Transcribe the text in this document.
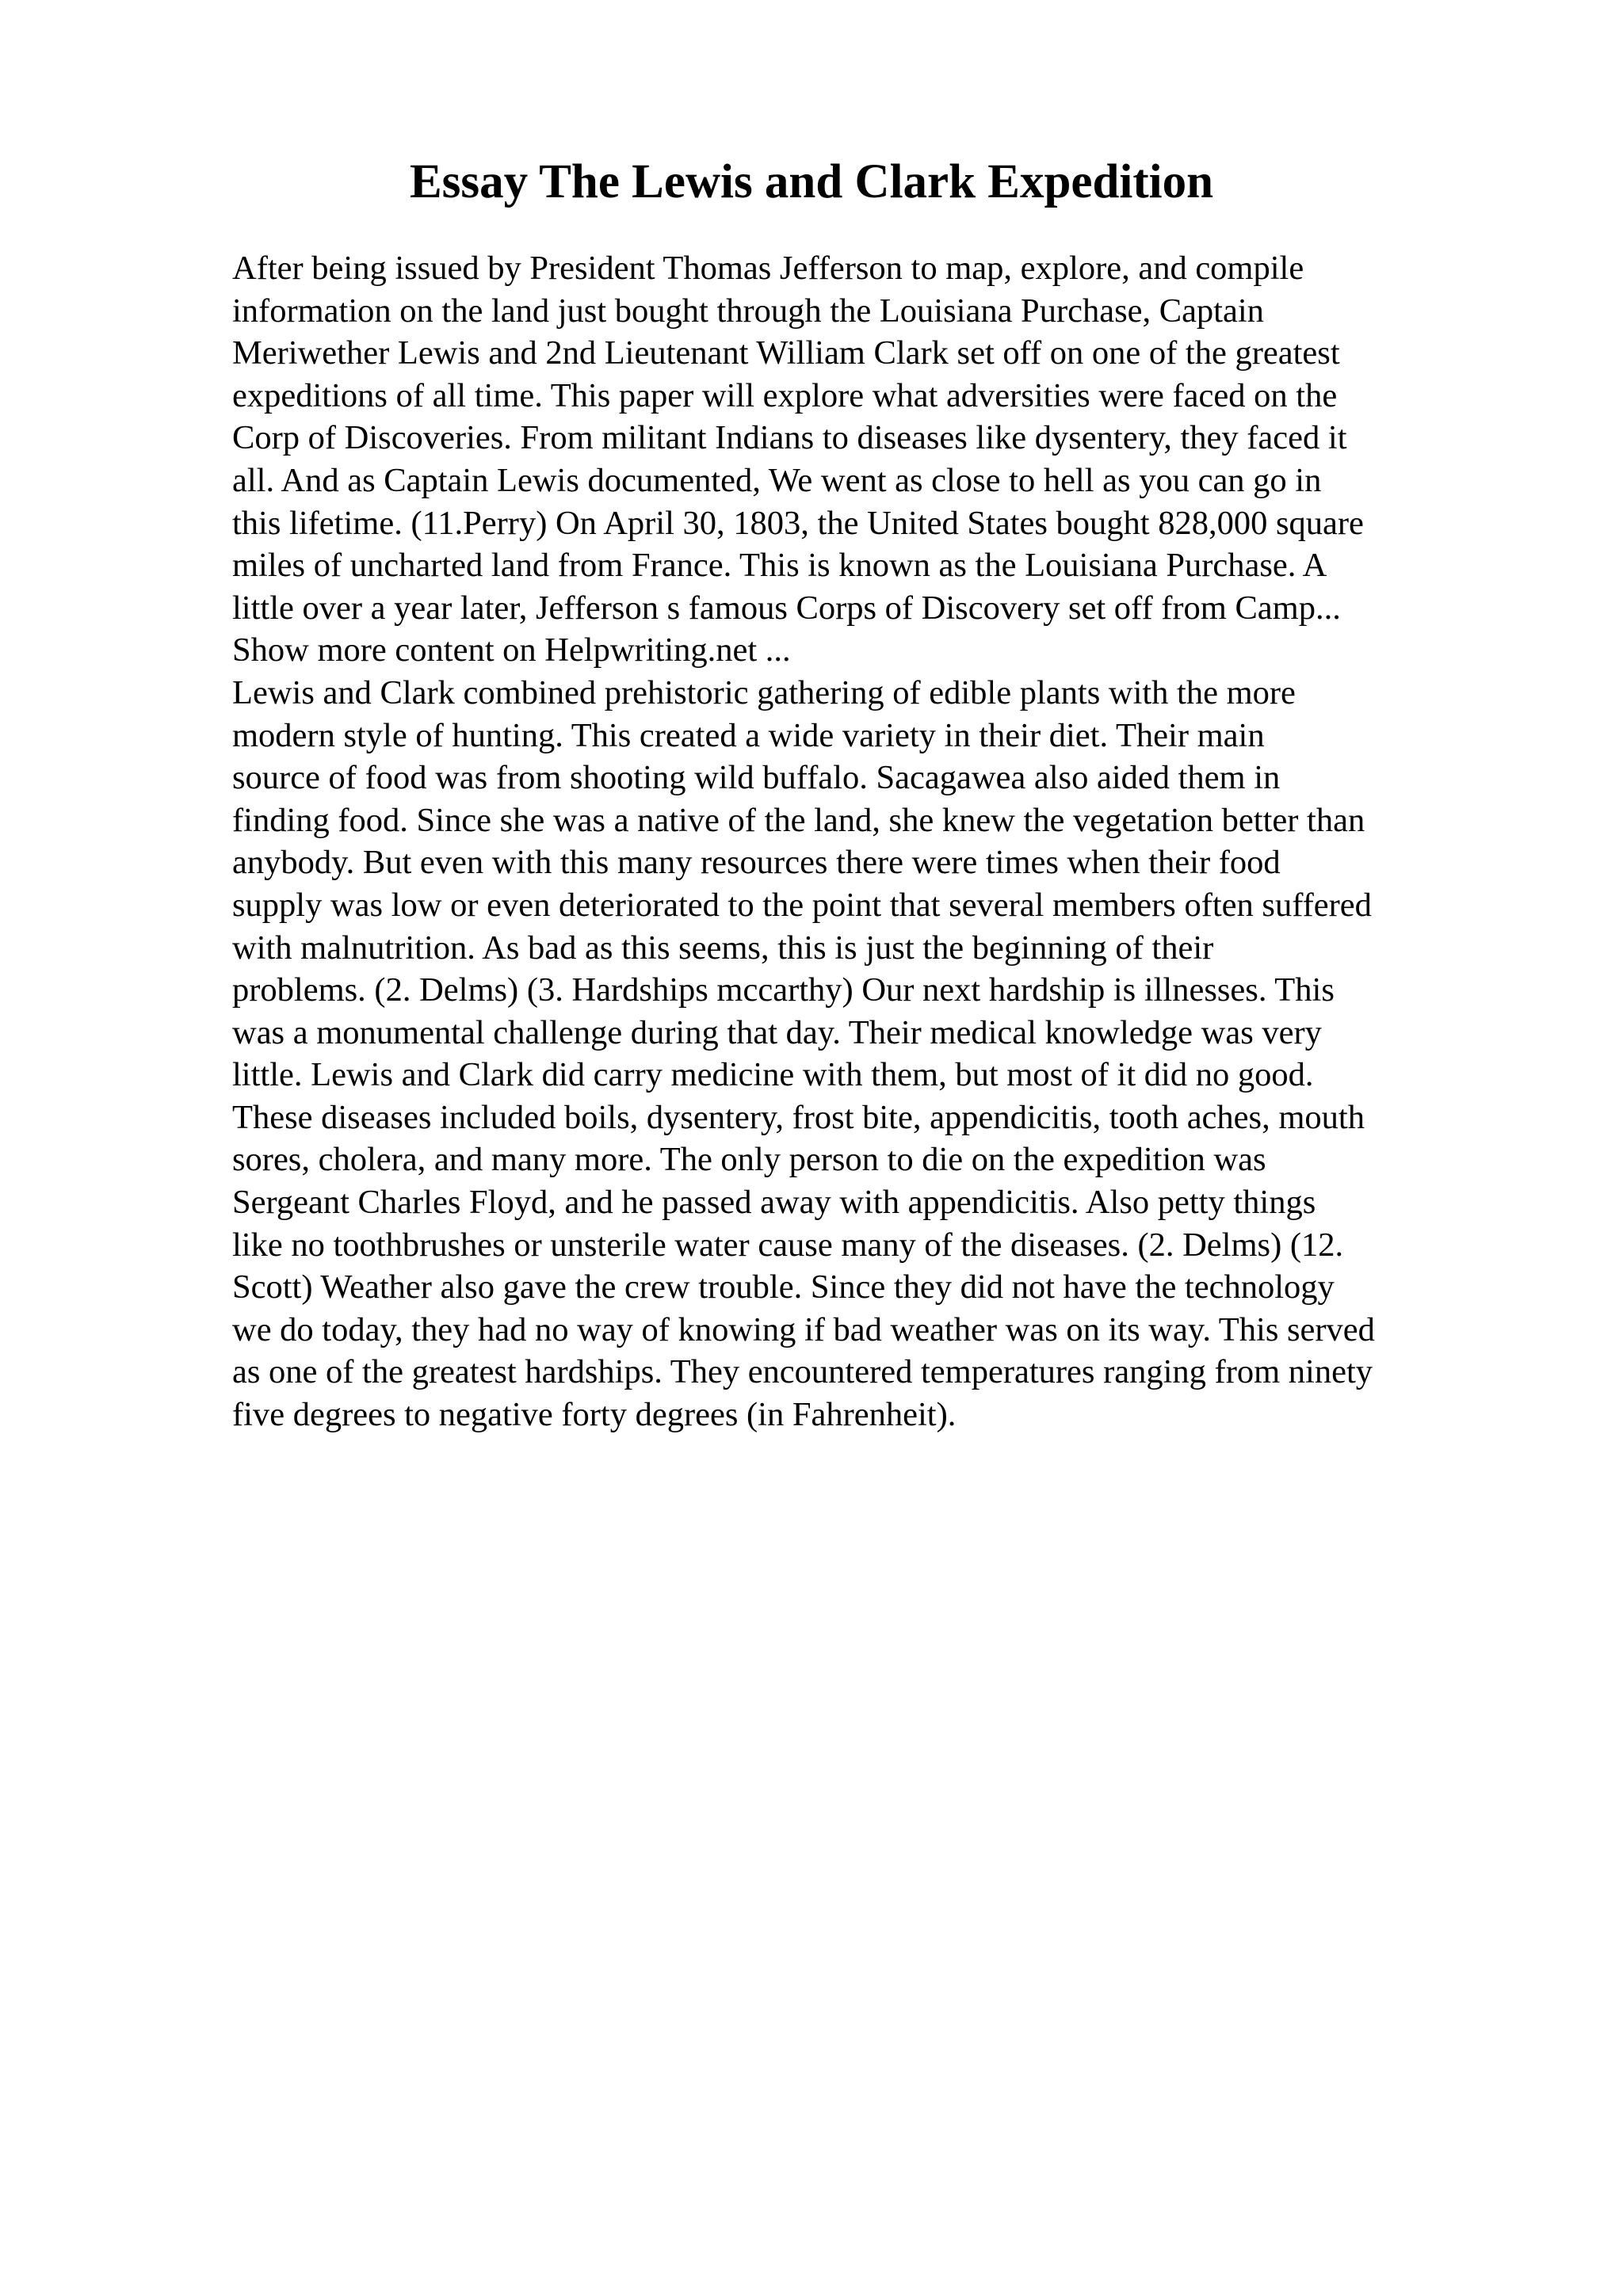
Essay The Lewis and Clark Expedition
After being issued by President Thomas Jefferson to map, explore, and compile
information on the land just bought through the Louisiana Purchase, Captain
Meriwether Lewis and 2nd Lieutenant William Clark set off on one of the greatest
expeditions of all time. This paper will explore what adversities were faced on the
Corp of Discoveries. From militant Indians to diseases like dysentery, they faced it
all. And as Captain Lewis documented, We went as close to hell as you can go in
this lifetime. (11.Perry) On April 30, 1803, the United States bought 828,000 square
miles of uncharted land from France. This is known as the Louisiana Purchase. A
little over a year later, Jefferson s famous Corps of Discovery set off from Camp...
Show more content on Helpwriting.net ...
Lewis and Clark combined prehistoric gathering of edible plants with the more
modern style of hunting. This created a wide variety in their diet. Their main
source of food was from shooting wild buffalo. Sacagawea also aided them in
finding food. Since she was a native of the land, she knew the vegetation better than
anybody. But even with this many resources there were times when their food
supply was low or even deteriorated to the point that several members often suffered
with malnutrition. As bad as this seems, this is just the beginning of their
problems. (2. Delms) (3. Hardships mccarthy) Our next hardship is illnesses. This
was a monumental challenge during that day. Their medical knowledge was very
little. Lewis and Clark did carry medicine with them, but most of it did no good.
These diseases included boils, dysentery, frost bite, appendicitis, tooth aches, mouth
sores, cholera, and many more. The only person to die on the expedition was
Sergeant Charles Floyd, and he passed away with appendicitis. Also petty things
like no toothbrushes or unsterile water cause many of the diseases. (2. Delms) (12.
Scott) Weather also gave the crew trouble. Since they did not have the technology
we do today, they had no way of knowing if bad weather was on its way. This served
as one of the greatest hardships. They encountered temperatures ranging from ninety
five degrees to negative forty degrees (in Fahrenheit).
